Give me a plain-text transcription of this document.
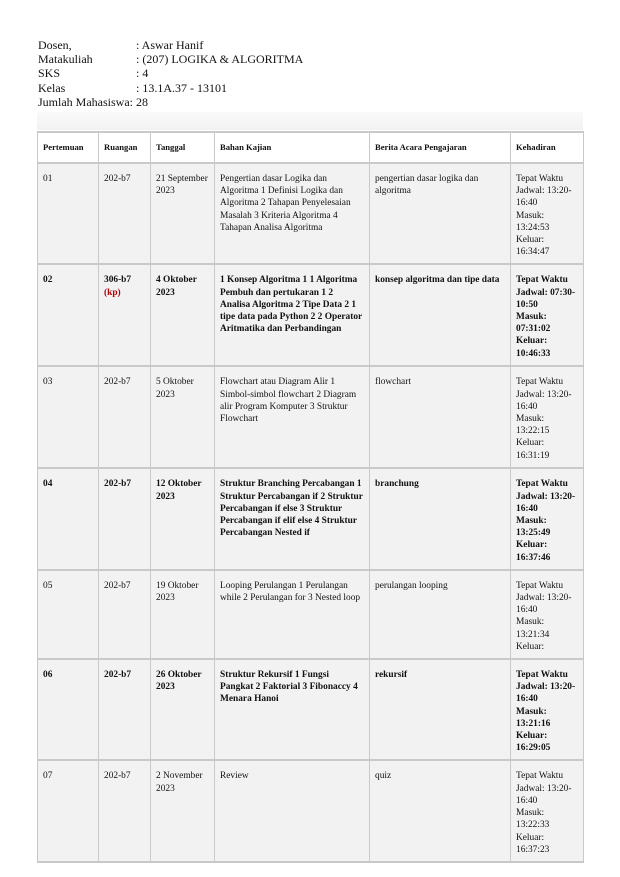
Dosen,	: Aswar Hanif
Matakuliah	: (207) LOGIKA & ALGORITMA
SKS	: 4
Kelas	: 13.1A.37 - 13101
Jumlah Mahasiswa : 28
Pertemuan	Ruangan	Tanggal	Bahan Kajian	Berita Acara Pengajaran	Kehadiran
01	202-b7	21 September 2023	Pengertian dasar Logika dan Algoritma 1 Definisi Logika dan Algoritma 2 Tahapan Penyelesaian Masalah 3 Kriteria Algoritma 4 Tahapan Analisa Algoritma	pengertian dasar logika dan algoritma	Tepat Waktu
Jadwal: 13:20-16:40
Masuk: 13:24:53
Keluar: 16:34:47

02	306-b7 (kp)	4 Oktober 2023	1 Konsep Algoritma 1 1 Algoritma Pembuh dan pertukaran 1 2 Analisa Algoritma 2 Tipe Data 2 1 tipe data pada Python 2 2 Operator Aritmatika dan Perbandingan	konsep algoritma dan tipe data	Tepat Waktu
Jadwal: 07:30-10:50
Masuk: 07:31:02
Keluar: 10:46:33

03	202-b7	5 Oktober 2023	Flowchart atau Diagram Alir 1 Simbol-simbol flowchart 2 Diagram alir Program Komputer 3 Struktur Flowchart	flowchart	Tepat Waktu
Jadwal: 13:20-16:40
Masuk: 13:22:15
Keluar: 16:31:19

04	202-b7	12 Oktober 2023	Struktur Branching Percabangan 1 Struktur Percabangan if 2 Struktur Percabangan if else 3 Struktur Percabangan if elif else 4 Struktur Percabangan Nested if	branchung	Tepat Waktu
Jadwal: 13:20-16:40
Masuk: 13:25:49
Keluar: 16:37:46

05	202-b7	19 Oktober 2023	Looping Perulangan 1 Perulangan while 2 Perulangan for 3 Nested loop	perulangan looping	Tepat Waktu
Jadwal: 13:20-16:40
Masuk: 13:21:34
Keluar:

06	202-b7	26 Oktober 2023	Struktur Rekursif 1 Fungsi Pangkat 2 Faktorial 3 Fibonaccy 4 Menara Hanoi	rekursif	Tepat Waktu
Jadwal: 13:20-16:40
Masuk: 13:21:16
Keluar: 16:29:05

07	202-b7	2 November 2023	Review	quiz	Tepat Waktu
Jadwal: 13:20-16:40
Masuk: 13:22:33
Keluar: 16:37:23
